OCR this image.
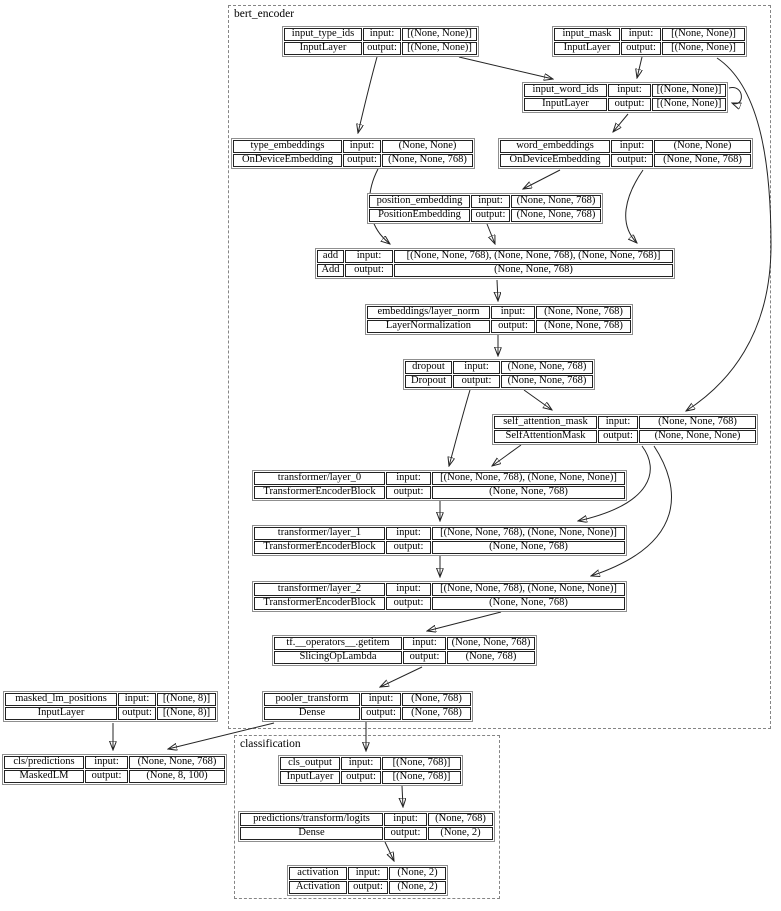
bert_encoder
classification
input_type_ids	input:	[(None, None)]
InputLayer	output: [(None, None)]
input_mask	input:	[(None, None)]
InputLayer	output:	[(None, None)]
input_word_ids	input:	[(None, None)]
InputLayer	output:	[(None, None)]
type_embeddings	input:	(None, None)
OnDeviceEmbedding	output:	(None, None, 768)
word_embeddings	input:	(None, None)
OnDeviceEmbedding	output:	(None, None, 768)
position_embedding	input:	(None, None, 768)
PositionEmbedding	output:	(None, None, 768)
add	input:	[(None, None, 768), (None, None, 768), (None, None, 768)]
Add	output:	(None, None, 768)
embeddings/layer_norm	input:	(None, None, 768)
LayerNormalization	output:	(None, None, 768)
dropout	input:	(None, None, 768)
Dropout	output:	(None, None, 768)
self_attention_mask	input:	(None, None, 768)
SelfAttentionMask	output:	(None, None, None)
transformer/layer_0	input:	[(None, None, 768), (None, None, None)]
TransformerEncoderBlock	output:	(None, None, 768)
transformer/layer_1	input:	[(None, None, 768), (None, None, None)]
TransformerEncoderBlock	output:	(None, None, 768)
transformer/layer_2	input:	[(None, None, 768), (None, None, None)]
TransformerEncoderBlock	output:	(None, None, 768)
tf.__operators__.getitem	input:	(None, None, 768)
SlicingOpLambda	output:	(None, 768)
pooler_transform	input:	(None, 768)
Dense	output:	(None, 768)
masked_lm_positions	input:	[(None, 8)]
InputLayer	output:	[(None, 8)]
cls/predictions	input:	(None, None, 768)
MaskedLM	output:	(None, 8, 100)
cls_output	input:	[(None, 768)]
InputLayer	output:	[(None, 768)]
predictions/transform/logits	input:	(None, 768)
Dense	output:	(None, 2)
activation	input:	(None, 2)
Activation	output:	(None, 2)
